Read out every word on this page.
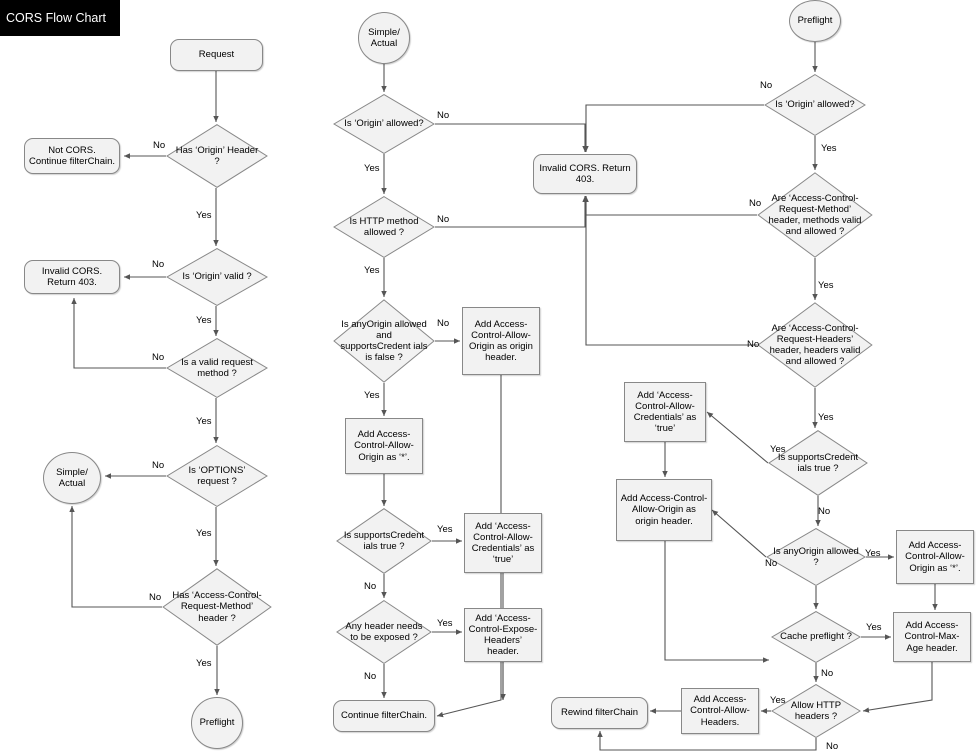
Request
Has ‘Origin’ Header ?
Not CORS. Continue filterChain.
Is ‘Origin’ valid ?
Invalid CORS. Return 403.
Is a valid request method ?
Is ‘OPTIONS’ request ?
Simple/ Actual
Has ‘Access-Control-Request-Method’ header ?
Preflight
Simple/ Actual
Is ‘Origin’ allowed?
Invalid CORS. Return 403.
Is HTTP method allowed ?
Is anyOrigin allowed and supportsCredent ials is false ?
Add Access-Control-Allow-Origin as origin header.
Add Access-Control-Allow-Origin as ‘*’.
Is supportsCredent ials true ?
Add ‘Access-Control-Allow-Credentials’ as ‘true’
Any header needs to be exposed ?
Add ‘Access-Control-Expose-Headers’ header.
Continue filterChain.
Preflight
Is ‘Origin’ allowed?
Are ‘Access-Control-Request-Method’ header, methods valid and allowed ?
Are ‘Access-Control-Request-Headers’ header, headers valid and allowed ?
Add ‘Access-Control-Allow-Credentials’ as ‘true’
Is supportsCredent ials true ?
Add Access-Control-Allow-Origin as origin header.
Is anyOrigin allowed ?
Add Access-Control-Allow-Origin as ‘*’.
Cache preflight ?
Add Access-Control-Max-Age header.
Allow HTTP headers ?
Add Access-Control-Allow-Headers.
Rewind filterChain
No
Yes
No
Yes
No
Yes
No
Yes
No
Yes
No
Yes
No
Yes
No
Yes
Yes
No
Yes
No
No
Yes
No
Yes
No
Yes
Yes
No
No
Yes
Yes
No
Yes
No
CORS Flow Chart
